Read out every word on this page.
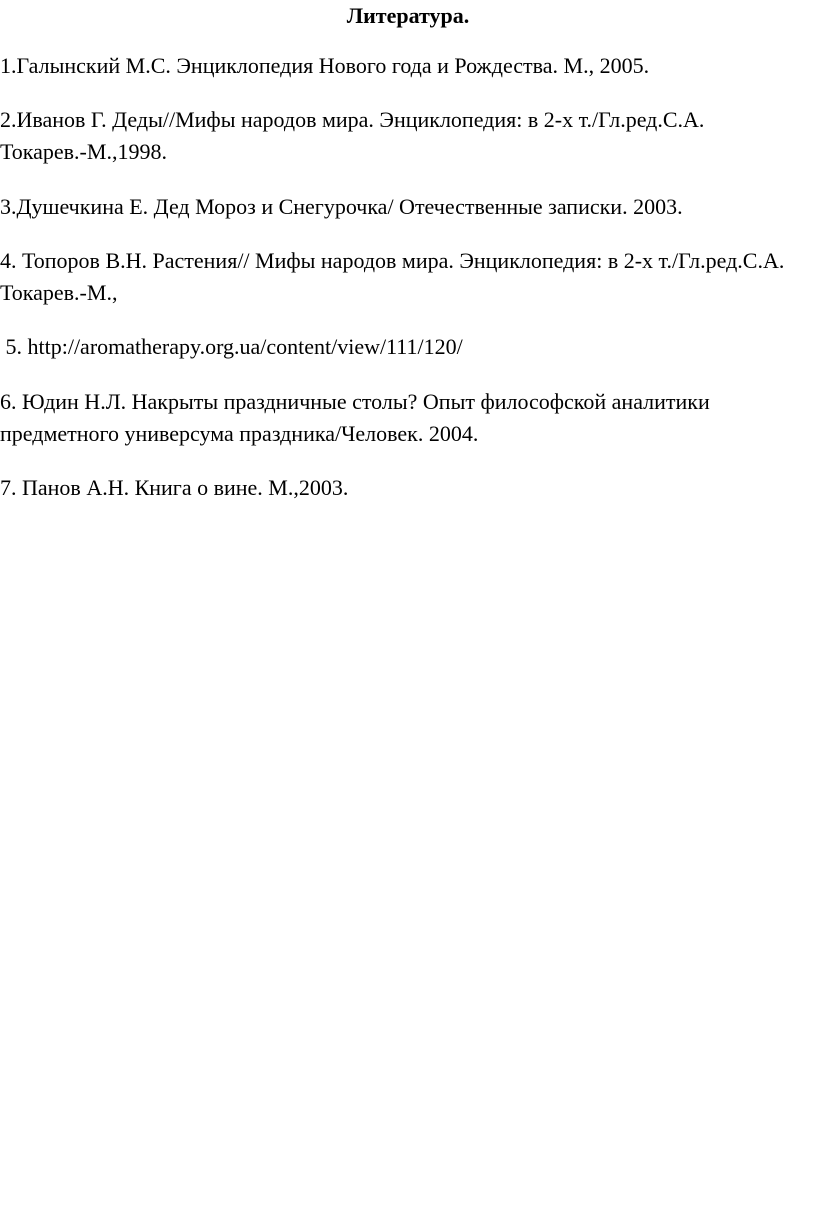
Литература.
1.Галынский М.С. Энциклопедия Нового года и Рождества. М., 2005.
2.Иванов Г. Деды//Мифы народов мира. Энциклопедия: в 2-х т./Гл.ред.С.А. Токарев.-М.,1998.
3.Душечкина Е. Дед Мороз и Снегурочка/ Отечественные записки. 2003.
4. Топоров В.Н. Растения// Мифы народов мира. Энциклопедия: в 2-х т./Гл.ред.С.А. Токарев.-М.,
5. http://aromatherapy.org.ua/content/view/111/120/
6. Юдин Н.Л. Накрыты праздничные столы? Опыт философской аналитики предметного универсума праздника/Человек. 2004.
7. Панов А.Н. Книга о вине. М.,2003.
